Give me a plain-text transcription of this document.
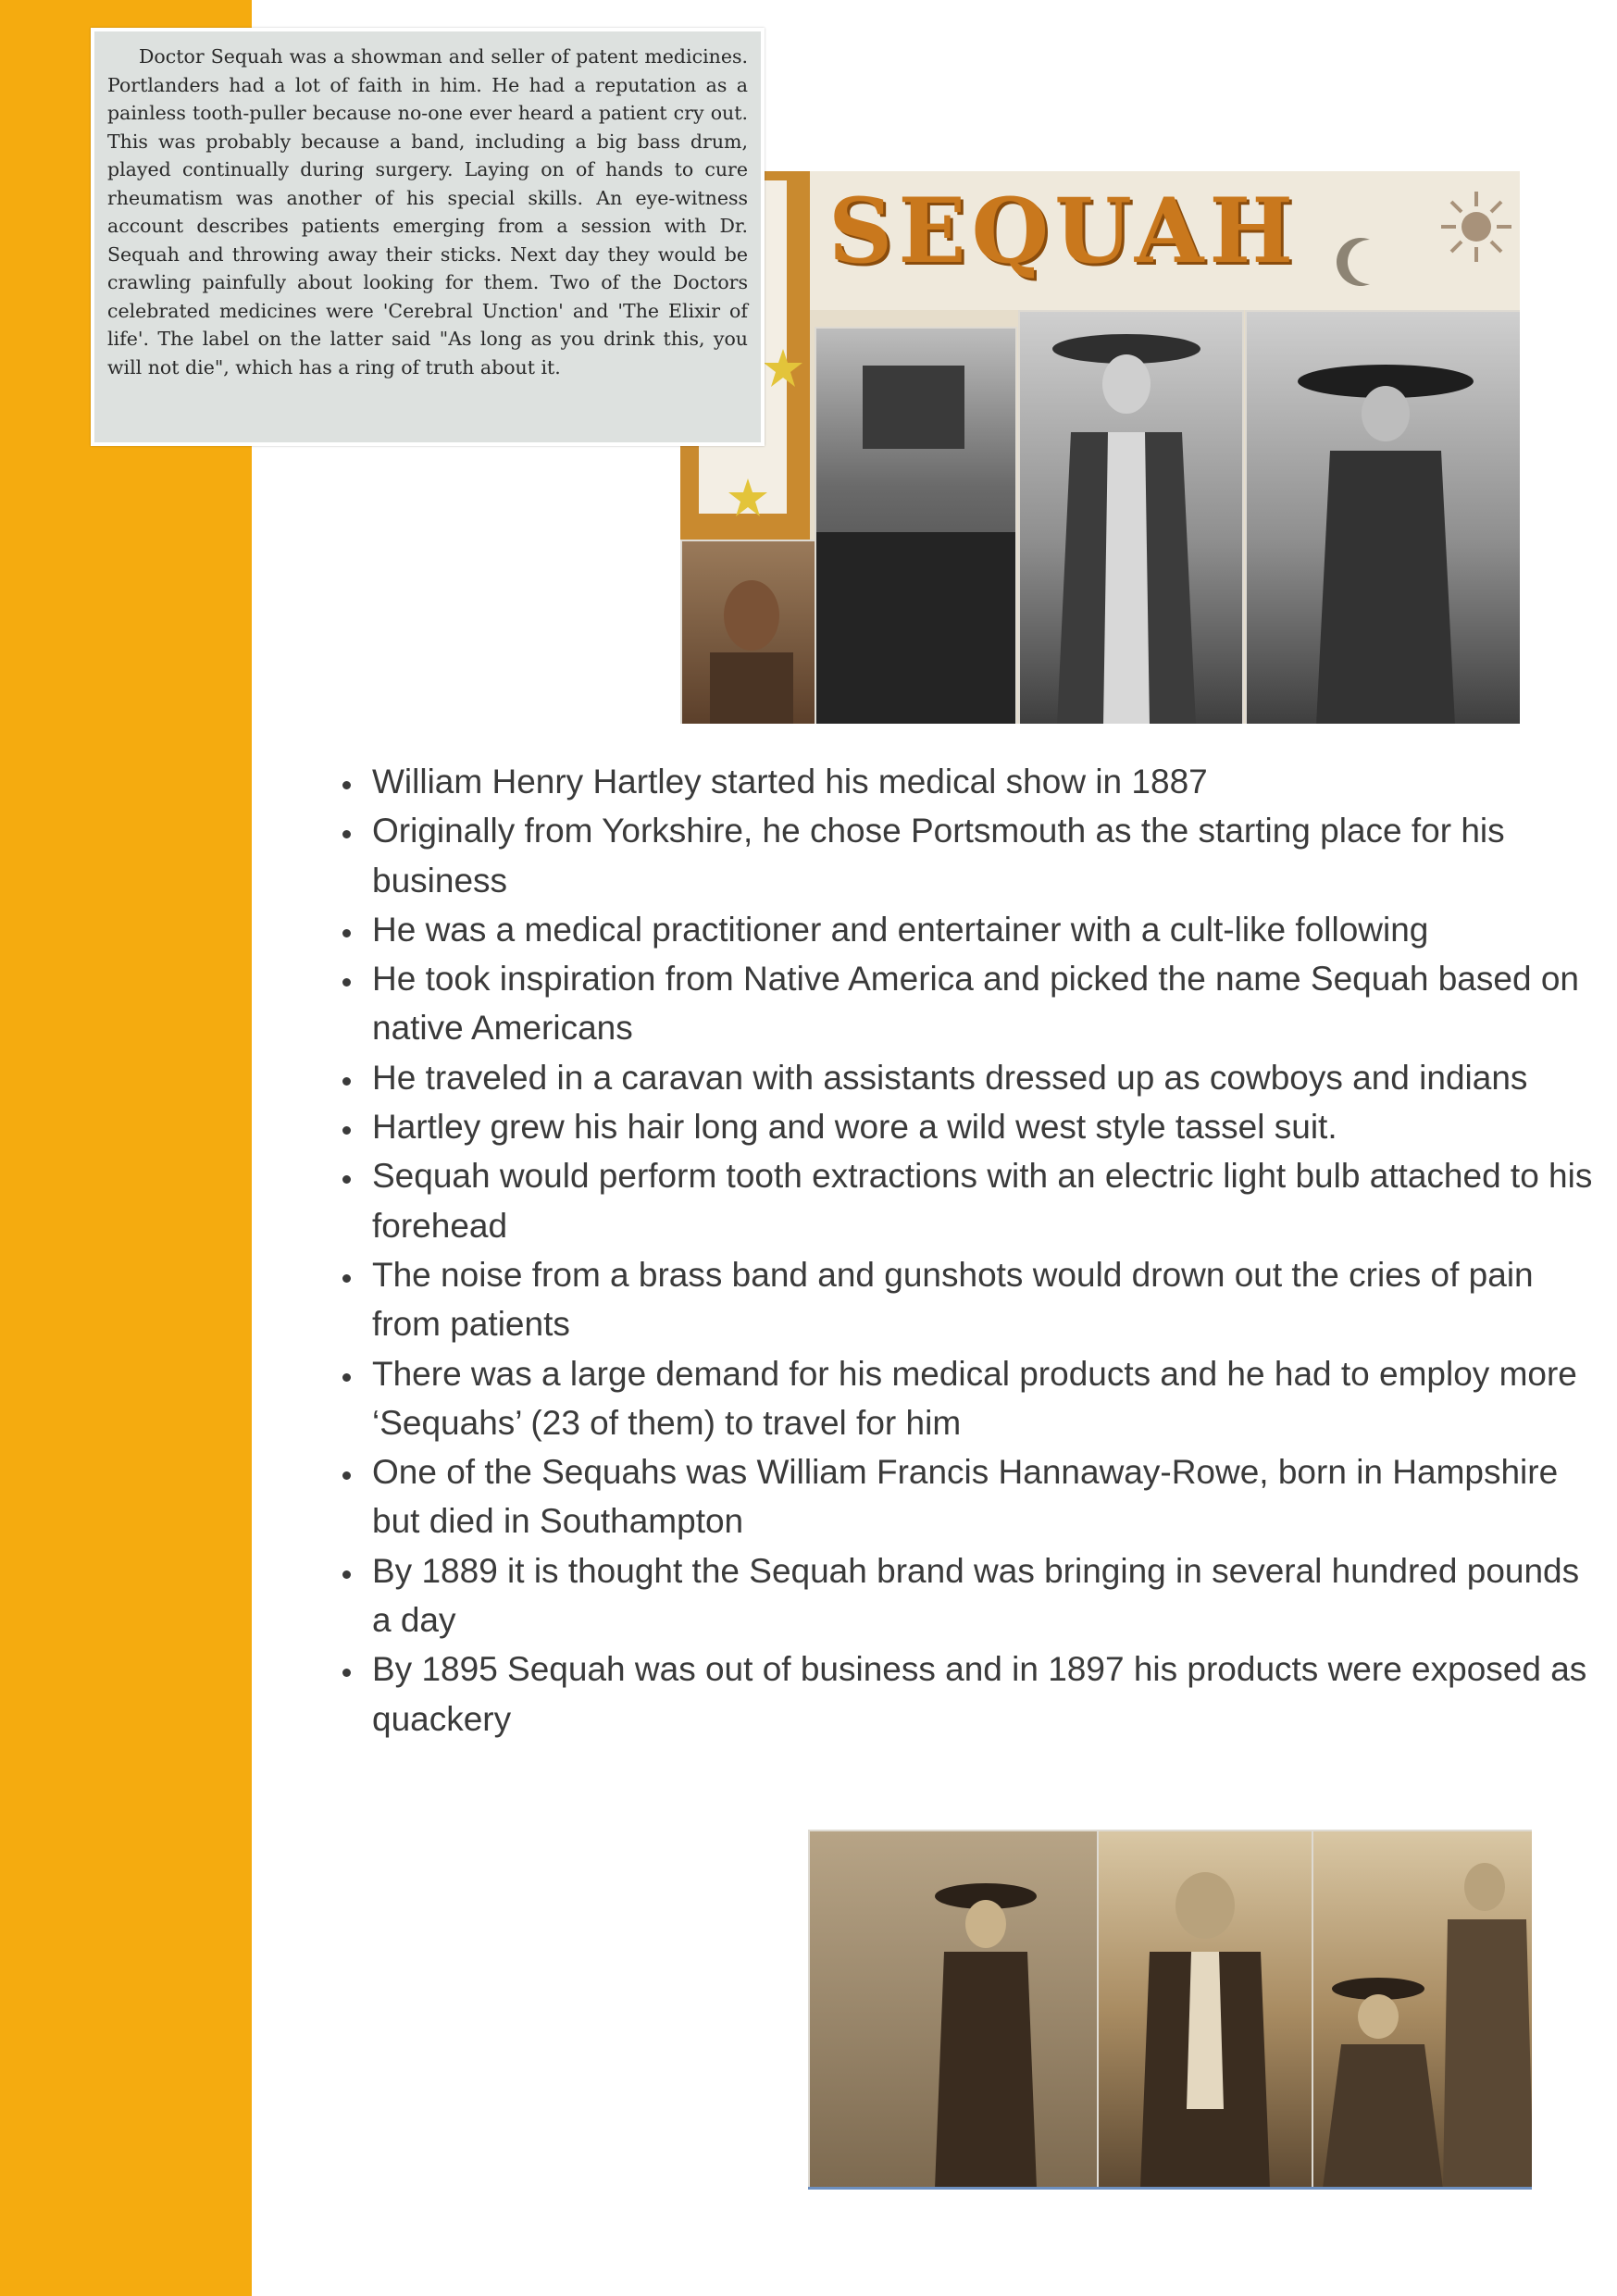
SEQUAH
Doctor Sequah was a showman and seller of patent medicines. Portlanders had a lot of faith in him. He had a reputation as a painless tooth-puller because no-one ever heard a patient cry out. This was probably because a band, including a big bass drum, played continually during surgery. Laying on of hands to cure rheumatism was another of his special skills. An eye-witness account describes patients emerging from a session with Dr. Sequah and throwing away their sticks. Next day they would be crawling painfully about looking for them. Two of the Doctors celebrated medicines were 'Cerebral Unction' and 'The Elixir of life'. The label on the latter said "As long as you drink this, you will not die", which has a ring of truth about it.
• William Henry Hartley started his medical show in 1887
• Originally from Yorkshire, he chose Portsmouth as the starting place for his business
• He was a medical practitioner and entertainer with a cult-like following
• He took inspiration from Native America and picked the name Sequah based on native Americans
• He traveled in a caravan with assistants dressed up as cowboys and indians
• Hartley grew his hair long and wore a wild west style tassel suit.
• Sequah would perform tooth extractions with an electric light bulb attached to his forehead
• The noise from a brass band and gunshots would drown out the cries of pain from patients
• There was a large demand for his medical products and he had to employ more ‘Sequahs’ (23 of them) to travel for him
• One of the Sequahs was William Francis Hannaway-Rowe, born in Hampshire but died in Southampton
• By 1889 it is thought the Sequah brand was bringing in several hundred pounds a day
• By 1895 Sequah was out of business and in 1897 his products were exposed as quackery
